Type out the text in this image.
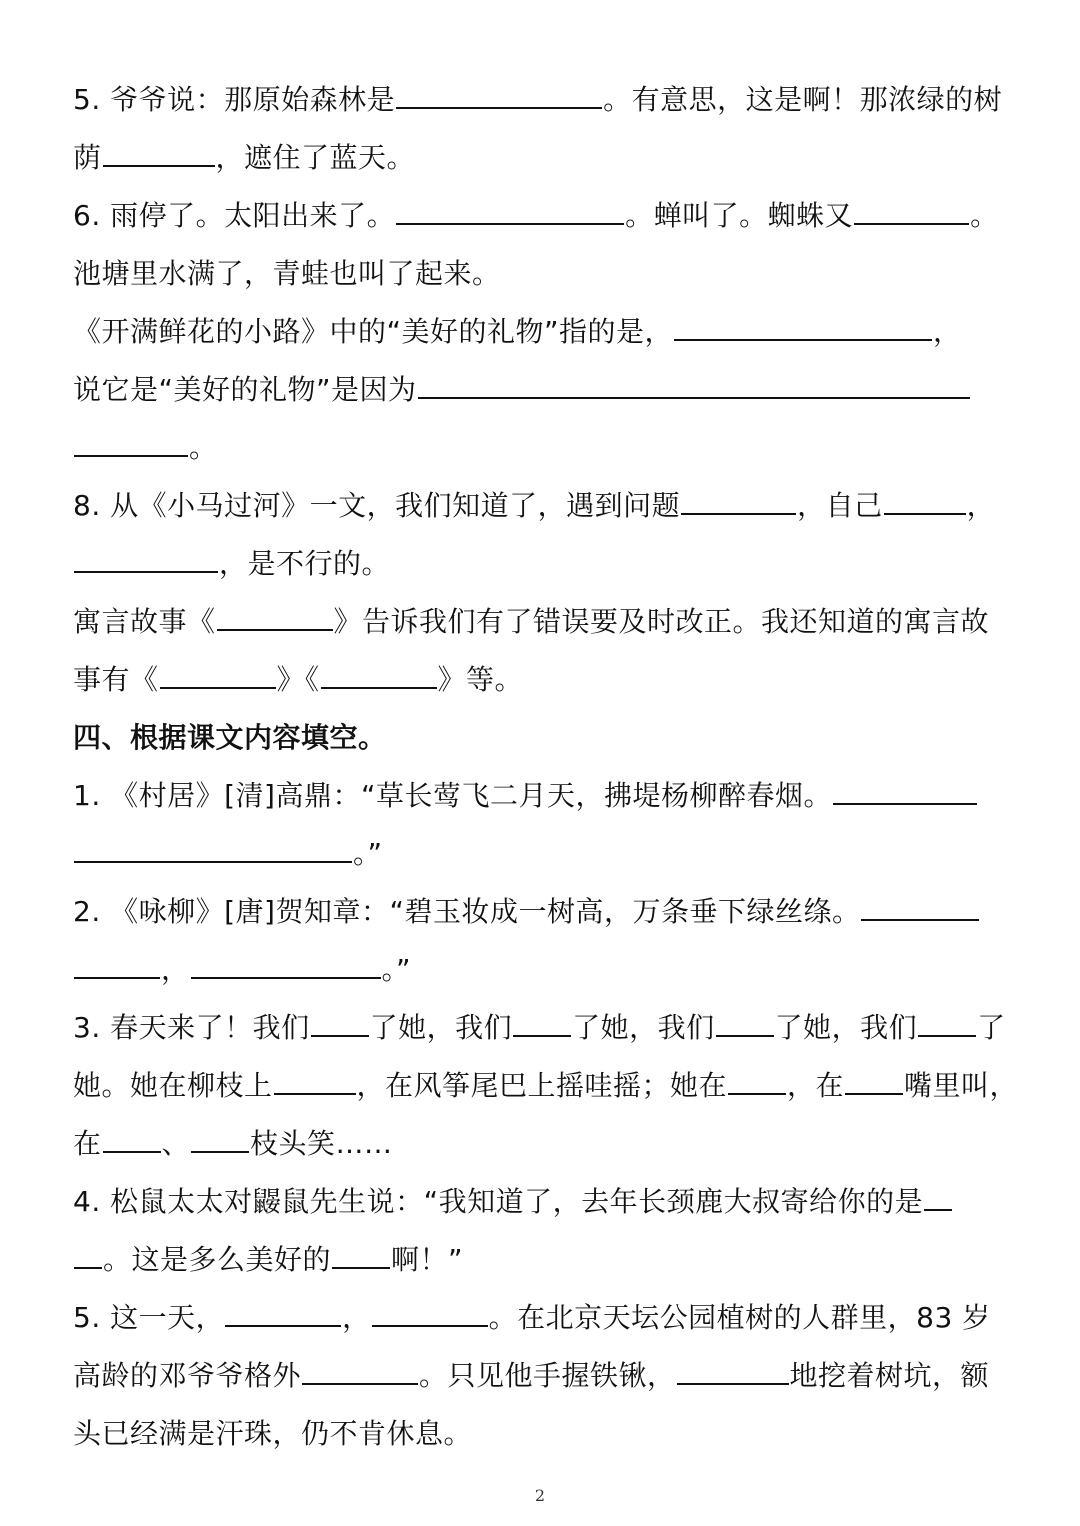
5. 爷爷说：那原始森林是	。有意思，这是啊！那浓绿的树
荫	，遮住了蓝天。
6. 雨停了。太阳出来了。	。蝉叫了。蜘蛛又	。
池塘里水满了，青蛙也叫了起来。
《开满鲜花的小路》中的“美好的礼物”指的是，	，
说它是“美好的礼物”是因为
。
8. 从《小马过河》一文，我们知道了，遇到问题	，自己	，
，是不行的。
寓言故事《	》告诉我们有了错误要及时改正。我还知道的寓言故
事有《	》《	》等。
四、根据课文内容填空。
1. 《村居》[清]高鼎：“草长莺飞二月天，拂堤杨柳醉春烟。
。”
2. 《咏柳》[唐]贺知章：“碧玉妆成一树高，万条垂下绿丝绦。
，	。”
3. 春天来了！我们 了她，我们 了她，我们 了她，我们 了
她。她在柳枝上	，在风筝尾巴上摇哇摇；她在 ，在 嘴里叫，
在 、 枝头笑……
4. 松鼠太太对鼹鼠先生说：“我知道了，去年长颈鹿大叔寄给你的是
。这是多么美好的 啊！”
5. 这一天，	，	。在北京天坛公园植树的人群里，83 岁
高龄的邓爷爷格外	。只见他手握铁锹，	地挖着树坑，额
头已经满是汗珠，仍不肯休息。
2
